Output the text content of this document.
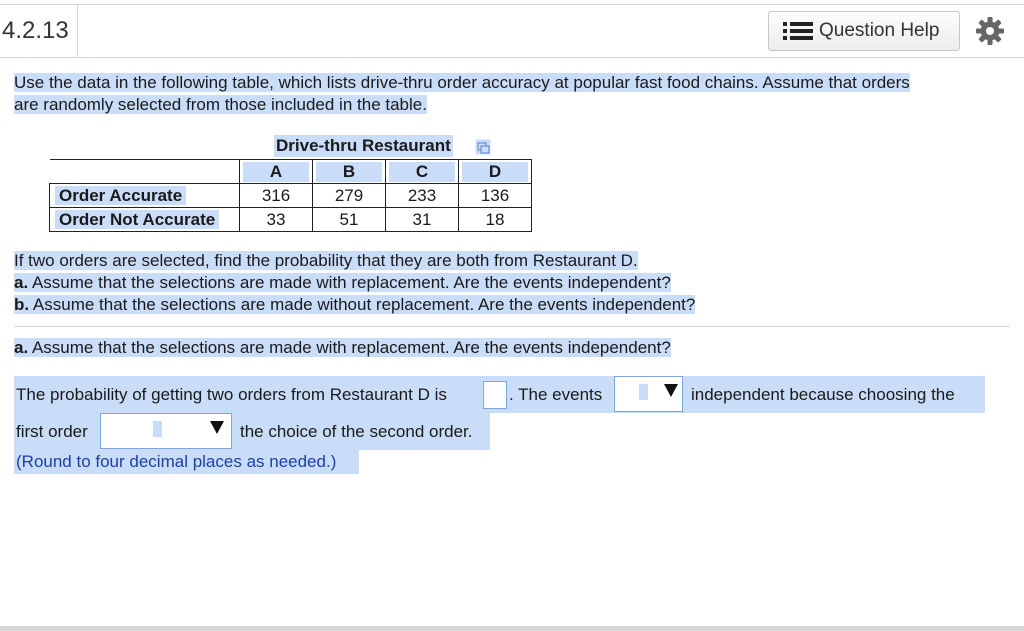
4.2.13	Question Help
Use the data in the following table, which lists drive-thru order accuracy at popular fast food chains. Assume that orders
are randomly selected from those included in the table.
Drive-thru Restaurant

	A	B	C	D

Order Accurate	316	279	233	136
Order Not Accurate	33	51	31	18
If two orders are selected, find the probability that they are both from Restaurant D.
a. Assume that the selections are made with replacement. Are the events independent?
b. Assume that the selections are made without replacement. Are the events independent?
a. Assume that the selections are made with replacement. Are the events independent?
The probability of getting two orders from Restaurant D is	. The events	independent because choosing the
first order	the choice of the second order.
(Round to four decimal places as needed.)
